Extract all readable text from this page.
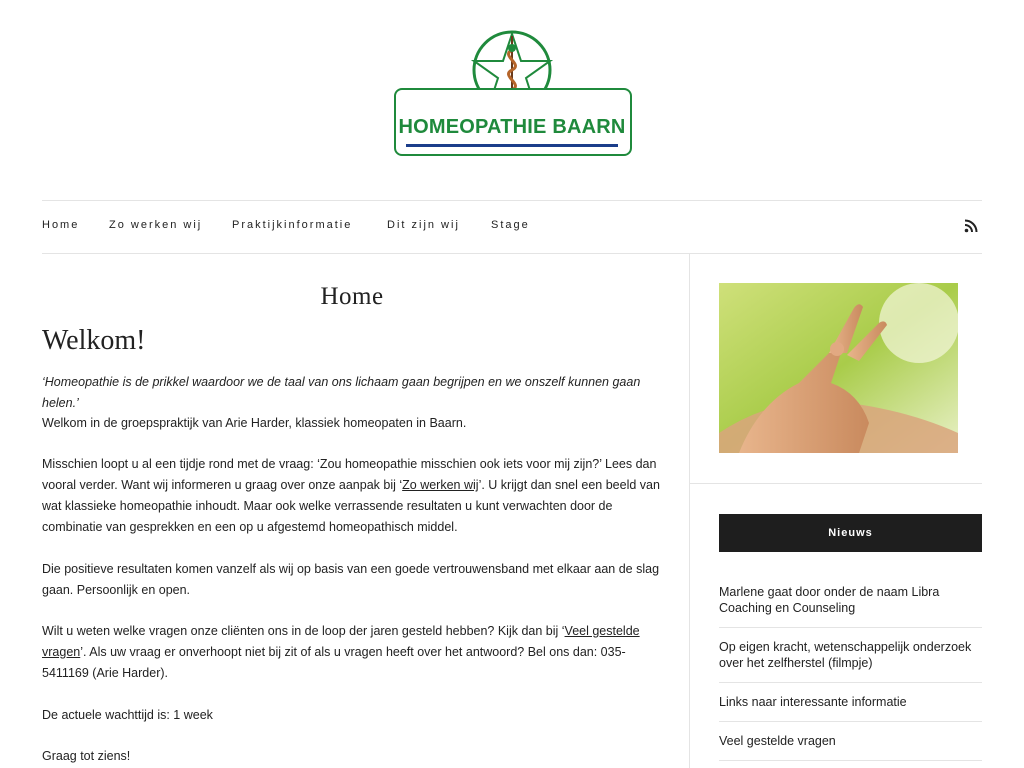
HOMEOPATHIE BAARN
Home	Zo werken wij	Praktijkinformatie	Dit zijn wij	Stage
Home
Welkom!
‘Homeopathie is de prikkel waardoor we de taal van ons lichaam gaan begrijpen en we onszelf kunnen gaan helen.’
Welkom in de groepspraktijk van Arie Harder, klassiek homeopaten in Baarn.
Misschien loopt u al een tijdje rond met de vraag: ‘Zou homeopathie misschien ook iets voor mij zijn?’ Lees dan vooral verder. Want wij informeren u graag over onze aanpak bij ‘Zo werken wij’. U krijgt dan snel een beeld van wat klassieke homeopathie inhoudt. Maar ook welke verrassende resultaten u kunt verwachten door de combinatie van gesprekken en een op u afgestemd homeopathisch middel.
Die positieve resultaten komen vanzelf als wij op basis van een goede vertrouwensband met elkaar aan de slag gaan. Persoonlijk en open.
Wilt u weten welke vragen onze cliënten ons in de loop der jaren gesteld hebben? Kijk dan bij ‘Veel gestelde vragen’. Als uw vraag er onverhoopt niet bij zit of als u vragen heeft over het antwoord? Bel ons dan: 035-5411169 (Arie Harder).
De actuele wachttijd is: 1 week
Graag tot ziens!
Nieuws
Marlene gaat door onder de naam Libra Coaching en Counseling
Op eigen kracht, wetenschappelijk onderzoek over het zelfherstel (filmpje)
Links naar interessante informatie
Veel gestelde vragen
